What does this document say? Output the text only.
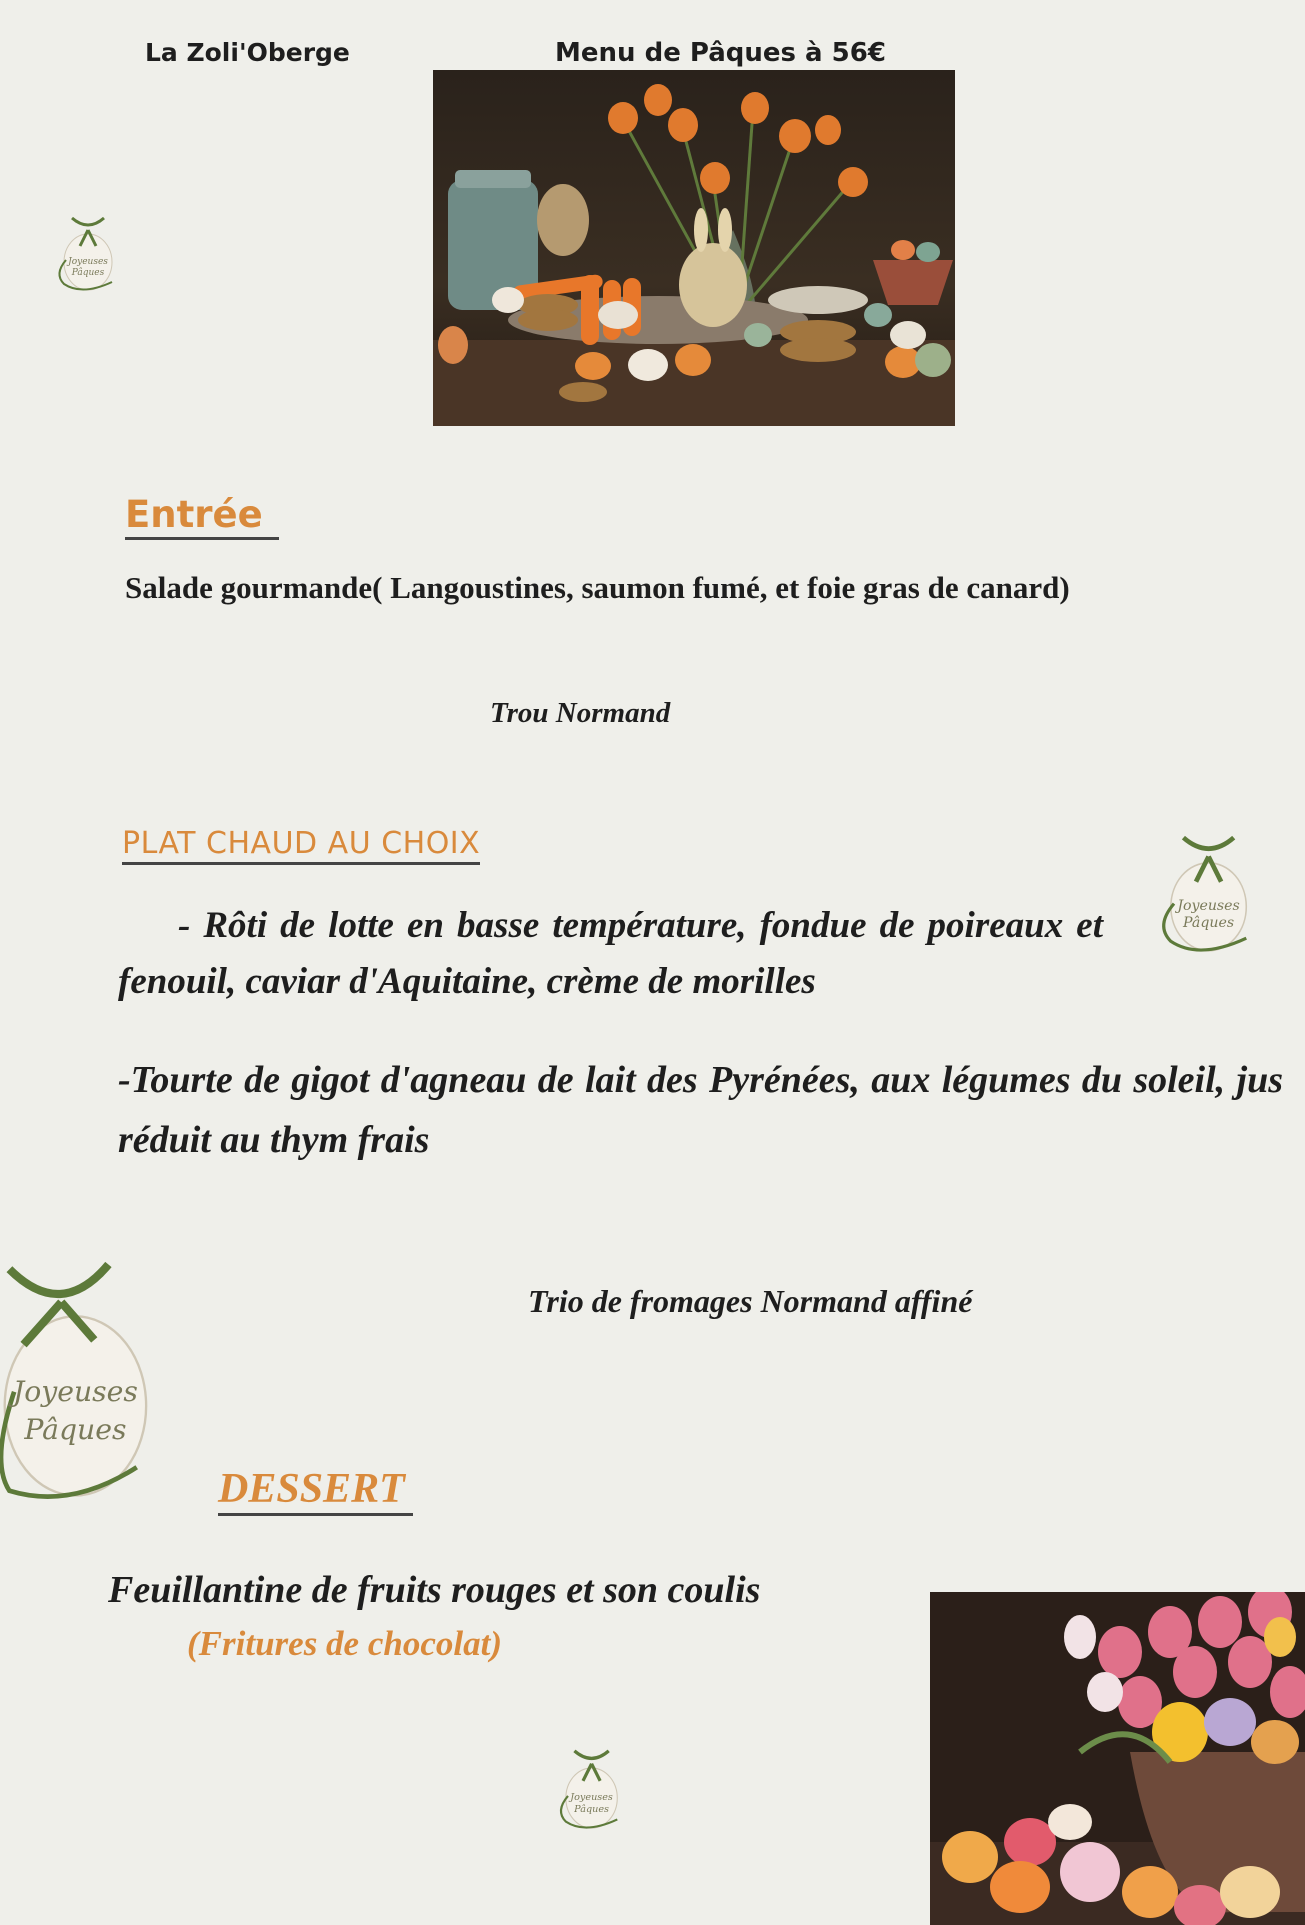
La Zoli'Oberge	Menu de Pâques à 56€
Joyeuses
Pâques
Entrée
Salade gourmande( Langoustines, saumon fumé, et foie gras de canard)
Trou Normand
PLAT CHAUD AU CHOIX
- Rôti de lotte en basse température, fondue de poireaux et fenouil, caviar d'Aquitaine, crème de morilles
-Tourte de gigot d'agneau de lait des Pyrénées, aux légumes du soleil, jus réduit au thym frais
Joyeuses
Pâques
Trio de fromages Normand affiné
Joyeuses
Pâques
DESSERT
Feuillantine de fruits rouges et son coulis
(Fritures de chocolat)
Joyeuses
Pâques
